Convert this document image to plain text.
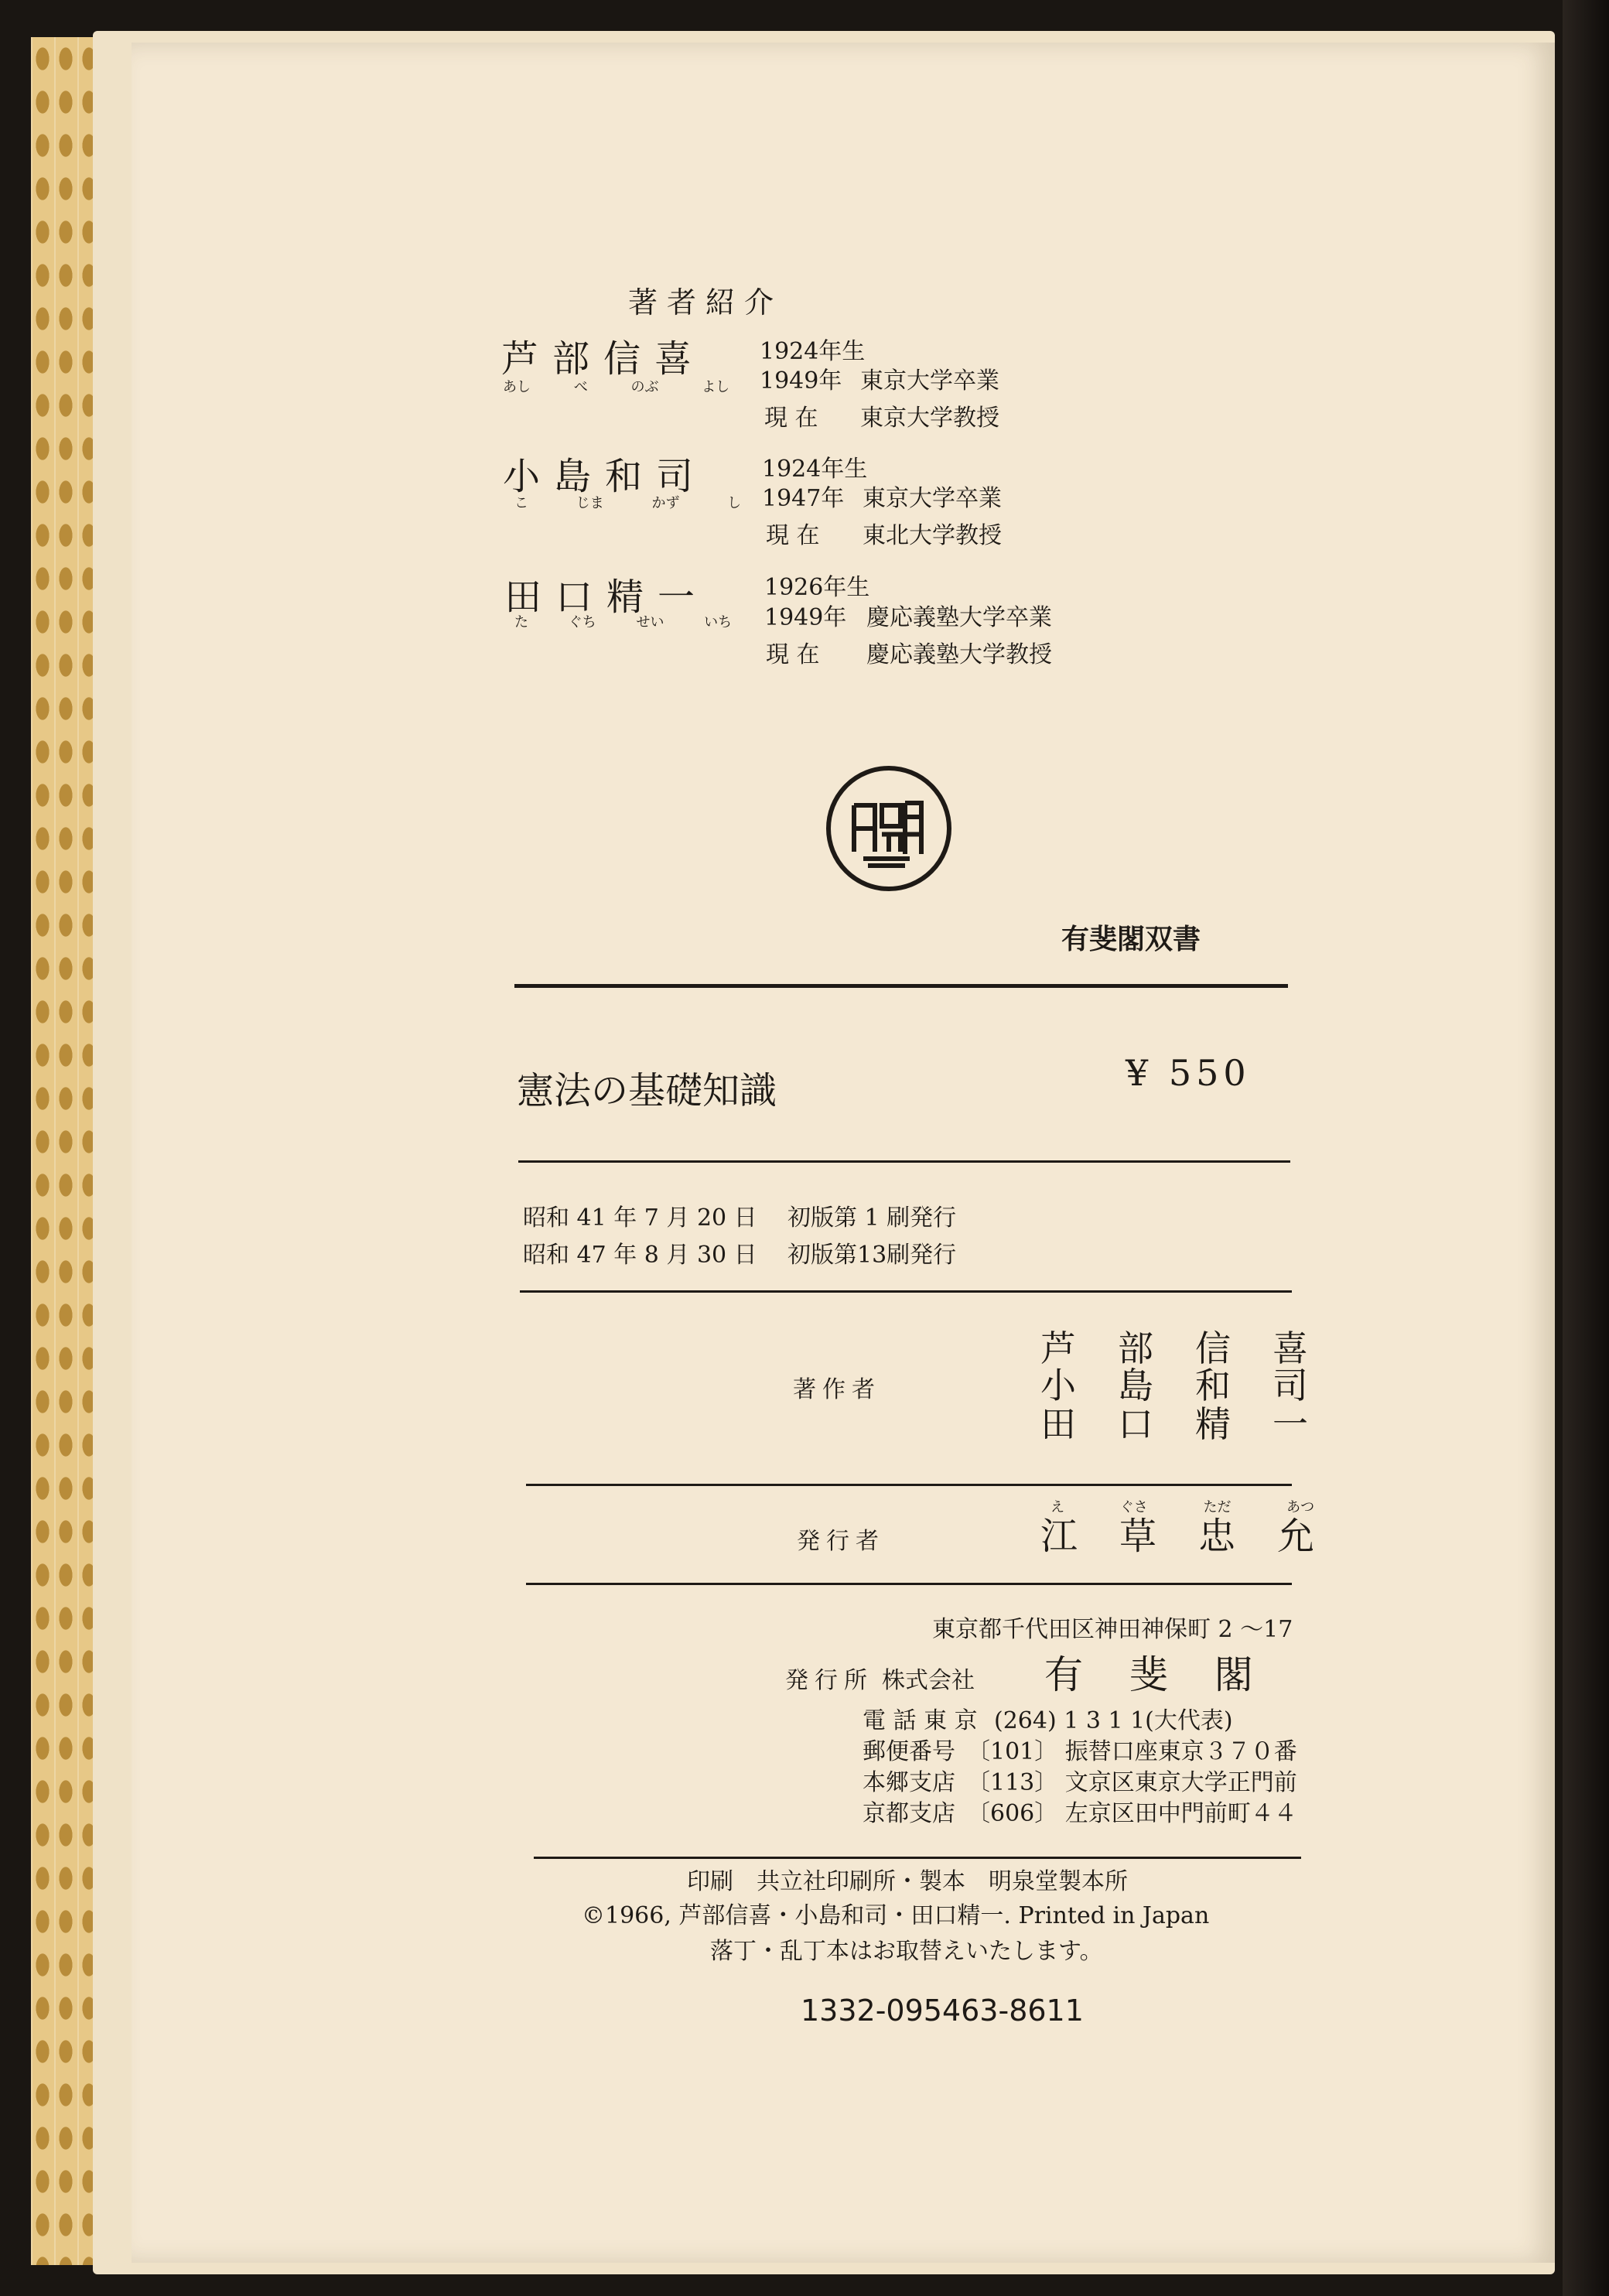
著者紹介
芦部信喜
あし べ のぶ よし
1924年生
1949年 東京大学卒業
現 在 東京大学教授
小島和司
こ じま かず し
1924年生
1947年 東京大学卒業
現 在 東北大学教授
田口精一
た ぐち せい いち
1926年生
1949年 慶応義塾大学卒業
現 在 慶応義塾大学教授
有斐閣双書
憲法の基礎知識	¥ 550
昭和 41 年 7 月 20 日 初版第 1 刷発行
昭和 47 年 8 月 30 日 初版第13刷発行
著作者
芦部信喜
小島和司
田口精一
発行者
え ぐさ ただ あつ
江草忠允
東京都千代田区神田神保町 2 〜17
発行所 株式会社 有 斐 閣
電 話 東 京 (264) 1 3 1 1(大代表)
郵便番号 〔101〕 振替口座東京３７０番
本郷支店 〔113〕 文京区東京大学正門前
京都支店 〔606〕 左京区田中門前町４４
印刷　共立社印刷所・製本　明泉堂製本所
©1966, 芦部信喜・小島和司・田口精一. Printed in Japan
落丁・乱丁本はお取替えいたします。
1332-095463-8611
